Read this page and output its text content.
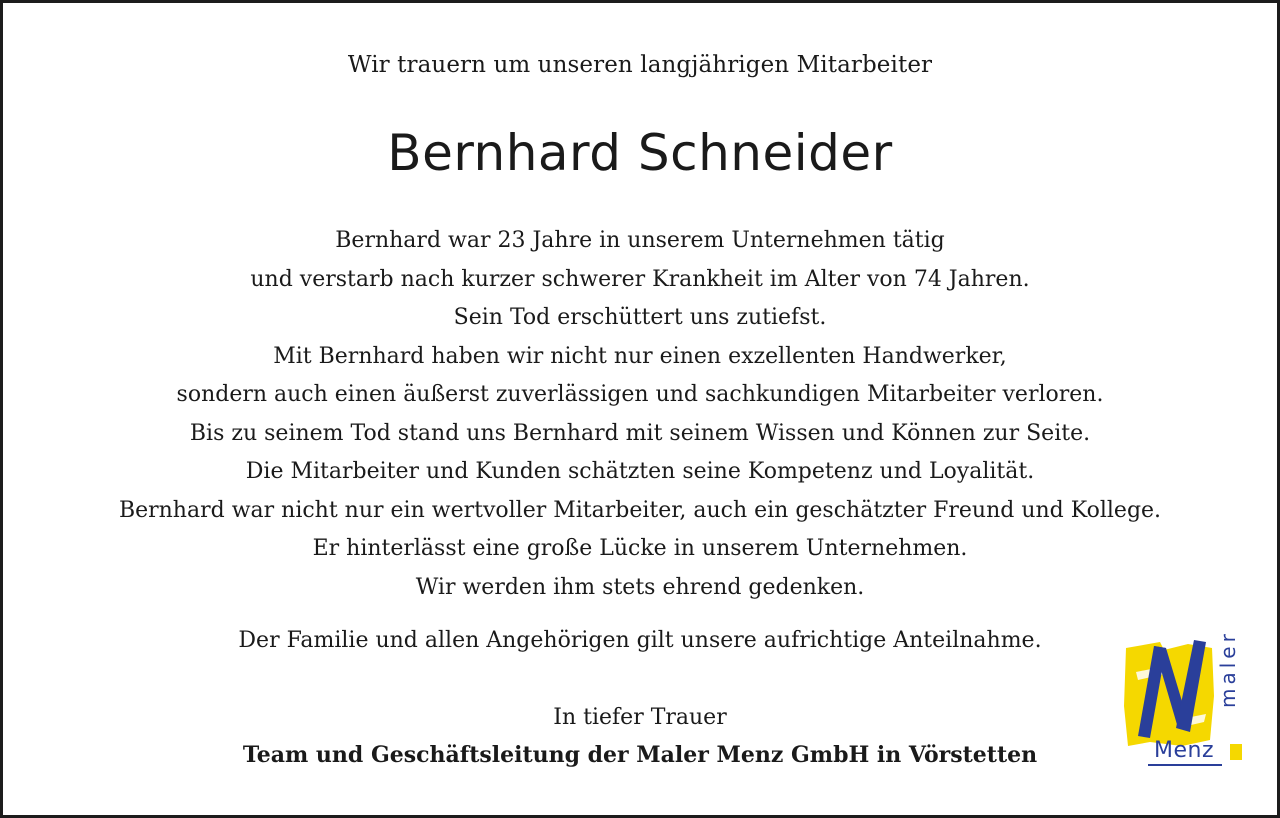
Wir trauern um unseren langjährigen Mitarbeiter
Bernhard Schneider
Bernhard war 23 Jahre in unserem Unternehmen tätig
und verstarb nach kurzer schwerer Krankheit im Alter von 74 Jahren.
Sein Tod erschüttert uns zutiefst.
Mit Bernhard haben wir nicht nur einen exzellenten Handwerker,
sondern auch einen äußerst zuverlässigen und sachkundigen Mitarbeiter verloren.
Bis zu seinem Tod stand uns Bernhard mit seinem Wissen und Können zur Seite.
Die Mitarbeiter und Kunden schätzten seine Kompetenz und Loyalität.
Bernhard war nicht nur ein wertvoller Mitarbeiter, auch ein geschätzter Freund und Kollege.
Er hinterlässt eine große Lücke in unserem Unternehmen.
Wir werden ihm stets ehrend gedenken.
Der Familie und allen Angehörigen gilt unsere aufrichtige Anteilnahme.
In tiefer Trauer
Team und Geschäftsleitung der Maler Menz GmbH in Vörstetten	Menz
maler
